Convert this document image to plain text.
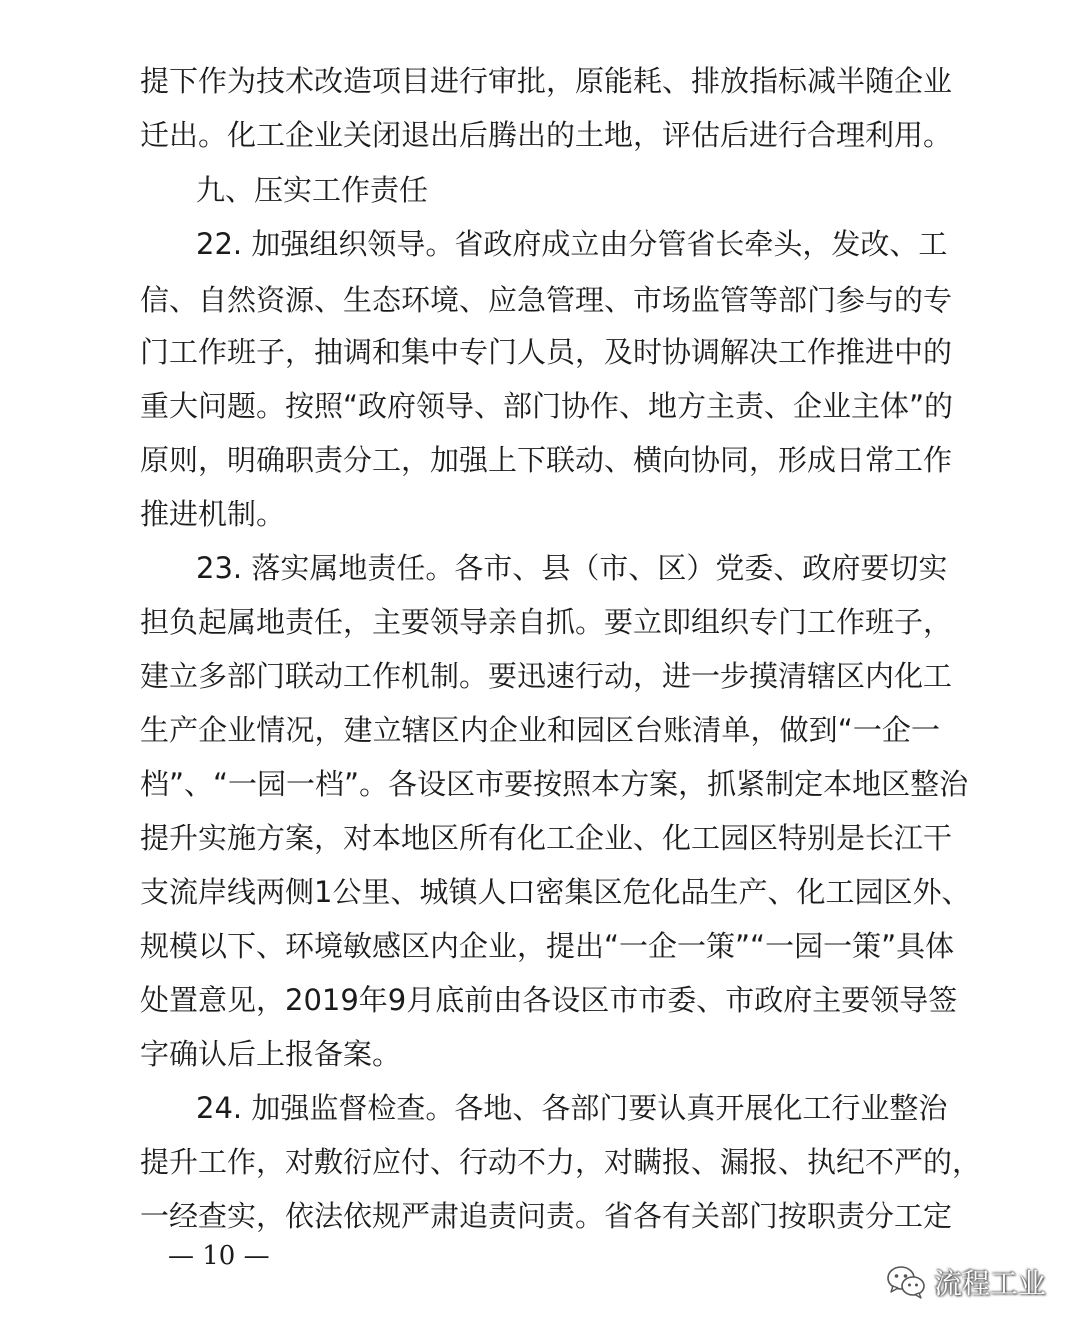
提下作为技术改造项目进行审批，原能耗、排放指标减半随企业
迁出。化工企业关闭退出后腾出的土地，评估后进行合理利用。
九、压实工作责任
22. 加强组织领导。省政府成立由分管省长牵头，发改、工
信、自然资源、生态环境、应急管理、市场监管等部门参与的专
门工作班子，抽调和集中专门人员，及时协调解决工作推进中的
重大问题。按照“政府领导、部门协作、地方主责、企业主体”的
原则，明确职责分工，加强上下联动、横向协同，形成日常工作
推进机制。
23. 落实属地责任。各市、县（市、区）党委、政府要切实
担负起属地责任，主要领导亲自抓。要立即组织专门工作班子，
建立多部门联动工作机制。要迅速行动，进一步摸清辖区内化工
生产企业情况，建立辖区内企业和园区台账清单，做到“一企一
档”、“一园一档”。各设区市要按照本方案，抓紧制定本地区整治
提升实施方案，对本地区所有化工企业、化工园区特别是长江干
支流岸线两侧1公里、城镇人口密集区危化品生产、化工园区外、
规模以下、环境敏感区内企业，提出“一企一策”“一园一策”具体
处置意见，2019年9月底前由各设区市市委、市政府主要领导签
字确认后上报备案。
24. 加强监督检查。各地、各部门要认真开展化工行业整治
提升工作，对敷衍应付、行动不力，对瞒报、漏报、执纪不严的，
一经查实，依法依规严肃追责问责。省各有关部门按职责分工定
— 10 —
流程工业
